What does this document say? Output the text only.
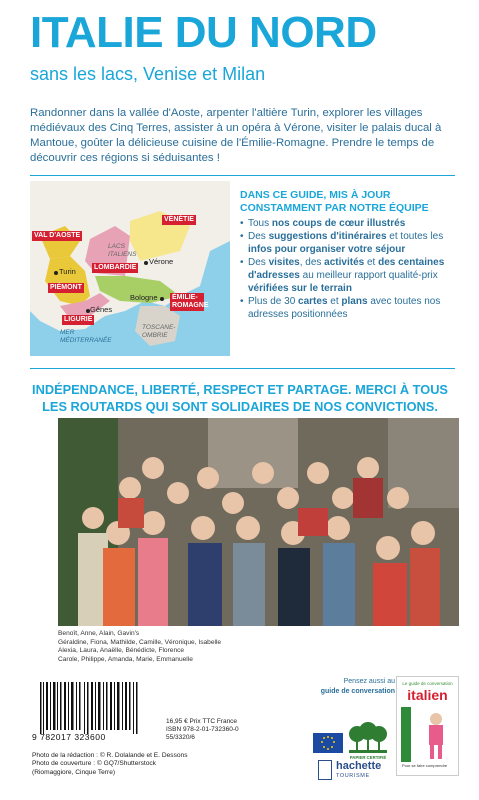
ITALIE DU NORD
sans les lacs, Venise et Milan
Randonner dans la vallée d'Aoste, arpenter l'altière Turin, explorer les villages médiévaux des Cinq Terres, assister à un opéra à Vérone, visiter le palais ducal à Mantoue, goûter la délicieuse cuisine de l'Émilie-Romagne. Prendre le temps de découvrir ces régions si séduisantes !
VAL D'AOSTE
VÉNÉTIE
LOMBARDIE
PIÉMONT
ÉMILIE-ROMAGNE
LIGURIE
Turin
Vérone
Bologne
Gênes
LACS ITALIENS
TOSCANE-OMBRIE
MER MÉDITERRANÉE
DANS CE GUIDE, MIS À JOUR CONSTAMMENT PAR NOTRE ÉQUIPE
• Tous nos coups de cœur illustrés
• Des suggestions d'itinéraires et toutes les infos pour organiser votre séjour
• Des visites, des activités et des centaines d'adresses au meilleur rapport qualité-prix vérifiées sur le terrain
• Plus de 30 cartes et plans avec toutes nos adresses positionnées
INDÉPENDANCE, LIBERTÉ, RESPECT ET PARTAGE. MERCI À TOUS LES ROUTARDS QUI SONT SOLIDAIRES DE NOS CONVICTIONS.
Benoît, Anne, Alain, Gavin's
Géraldine, Fiona, Mathilde, Camille, Véronique, Isabelle
Alexia, Laura, Anaëlle, Bénédicte, Florence
Carole, Philippe, Amanda, Marie, Emmanuelle
9 782017 323600
16,95 € Prix TTC France
ISBN 978-2-01-732360-0
55/3320/6
Photo de la rédaction : © R. Dolalande et E. Dessons
Photo de couverture : © GQ7/Shutterstock
(Riomaggiore, Cinque Terre)
Pensez aussi au
guide de conversation
Le guide de conversation
italien
Pour se faire comprendre
PAPIER CERTIFIÉ
hachette
TOURISME
